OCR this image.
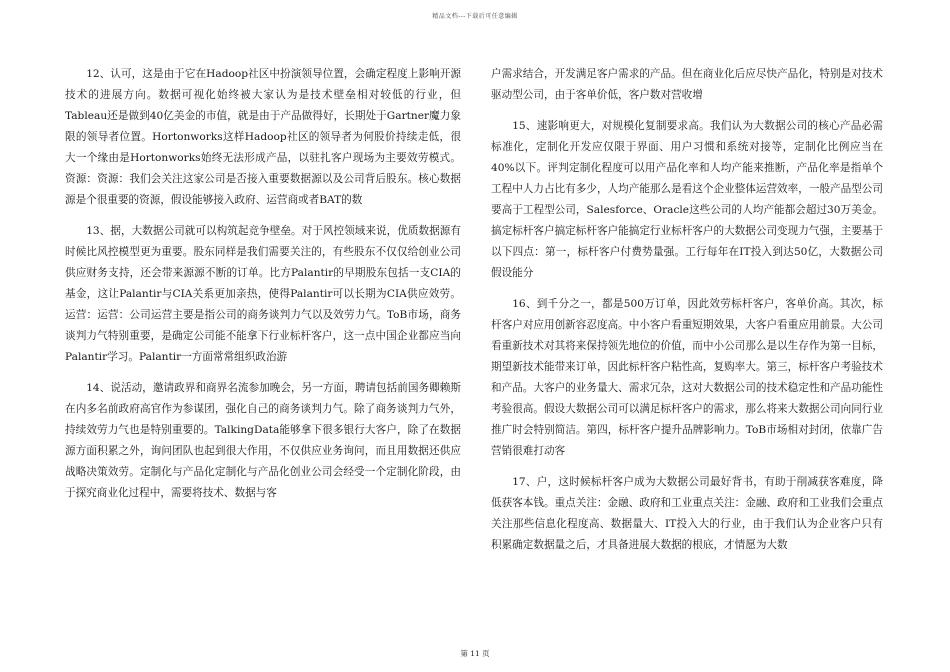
精品文档---下载后可任意编辑

12、认可，这是由于它在Hadoop社区中扮演领导位置，会确定程度上影响开源技术的进展方向。数据可视化始终被大家认为是技术壁垒相对较低的行业，但Tableau还是做到40亿美金的市值，就是由于产品做得好，长期处于Gartner魔力象限的领导者位置。Hortonworks这样Hadoop社区的领导者为何股价持续走低，很大一个缘由是Hortonworks始终无法形成产品，以驻扎客户现场为主要效劳模式。资源：资源：我们会关注这家公司是否接入重要数据源以及公司背后股东。核心数据源是个很重要的资源，假设能够接入政府、运营商或者BAT的数

13、据，大数据公司就可以构筑起竞争壁垒。对于风控领域来说，优质数据源有时候比风控模型更为重要。股东同样是我们需要关注的，有些股东不仅仅给创业公司供应财务支持，还会带来源源不断的订单。比方Palantir的早期股东包括一支CIA的基金，这让Palantir与CIA关系更加亲热，使得Palantir可以长期为CIA供应效劳。运营：运营：公司运营主要是指公司的商务谈判力气以及效劳力气。ToB市场，商务谈判力气特别重要，是确定公司能不能拿下行业标杆客户，这一点中国企业都应当向Palantir学习。Palantir一方面常常组织政治游

14、说活动，邀请政界和商界名流参加晚会，另一方面，聘请包括前国务卿赖斯在内多名前政府高官作为参谋团，强化自己的商务谈判力气。除了商务谈判力气外，持续效劳力气也是特别重要的。TalkingData能够拿下很多银行大客户，除了在数据源方面积累之外，询问团队也起到很大作用，不仅供应业务询问，而且用数据还供应战略决策效劳。定制化与产品化定制化与产品化创业公司会经受一个定制化阶段，由于探究商业化过程中，需要将技术、数据与客

户需求结合，开发满足客户需求的产品。但在商业化后应尽快产品化，特别是对技术驱动型公司，由于客单价低，客户数对营收增

15、速影响更大，对规模化复制要求高。我们认为大数据公司的核心产品必需标准化，定制化开发应仅限于界面、用户习惯和系统对接等，定制化比例应当在40%以下。评判定制化程度可以用产品化率和人均产能来推断，产品化率是指单个工程中人力占比有多少，人均产能那么是看这个企业整体运营效率，一般产品型公司要高于工程型公司，Salesforce、Oracle这些公司的人均产能都会超过30万美金。搞定标杆客户搞定标杆客户能搞定行业标杆客户的大数据公司变现力气强，主要基于以下四点：第一，标杆客户付费势量强。工行每年在IT投入到达50亿，大数据公司假设能分

16、到千分之一，都是500万订单，因此效劳标杆客户，客单价高。其次，标杆客户对应用创新容忍度高。中小客户看重短期效果，大客户看重应用前景。大公司看重新技术对其将来保持领先地位的价值，而中小公司那么是以生存作为第一目标，期望新技术能带来订单，因此标杆客户粘性高，复购率大。第三，标杆客户考验技术和产品。大客户的业务量大、需求冗杂，这对大数据公司的技术稳定性和产品功能性考验很高。假设大数据公司可以满足标杆客户的需求，那么将来大数据公司向同行业推广时会特别简洁。第四，标杆客户提升品牌影响力。ToB市场相对封闭，依靠广告营销很难打动客

17、户，这时候标杆客户成为大数据公司最好背书，有助于削减获客难度，降低获客本钱。重点关注：金融、政府和工业重点关注：金融、政府和工业我们会重点关注那些信息化程度高、数据量大、IT投入大的行业，由于我们认为企业客户只有积累确定数据量之后，才具备进展大数据的根底，才情愿为大数

第 11 页
